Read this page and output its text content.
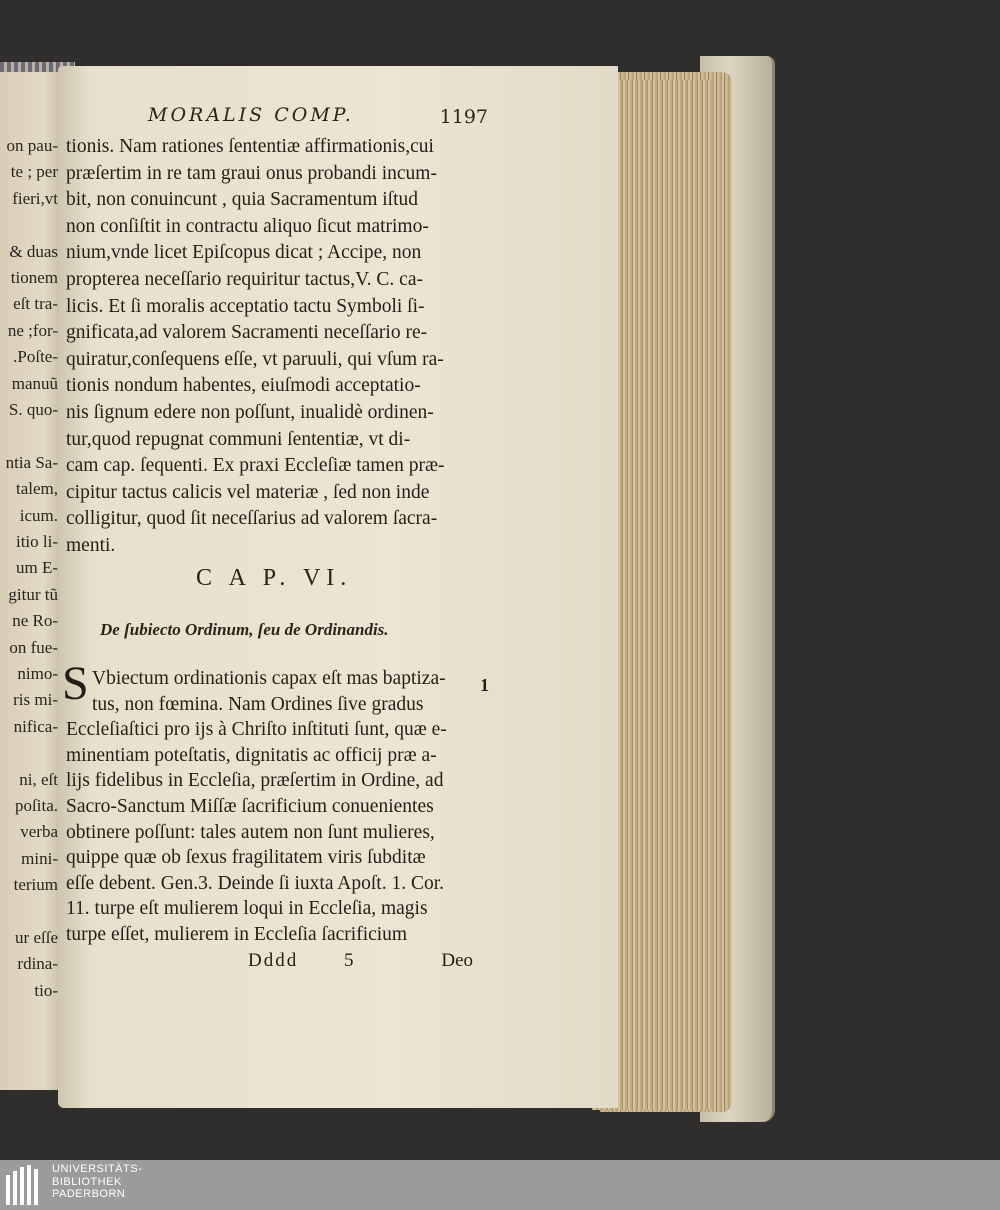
on pau-
te ; per
fieri,vt
& duas
tionem
eſt tra-
ne ;for-
.Poſte-
manuũ
S. quo-
ntia Sa-
talem,
icum.
itio li-
um E-
gitur tũ
ne Ro-
on fue-
nimo-
ris mi-
nifica-
ni, eſt
poſita.
verba
mini-
terium
ur eſſe
rdina-
tio-
MORALIS COMP.	1197
tionis. Nam rationes ſententiæ affirmationis,cui
præſertim in re tam graui onus probandi incum-
bit, non conuincunt , quia Sacramentum iſtud
non conſiſtit in contractu aliquo ſicut matrimo-
nium,vnde licet Epiſcopus dicat ; Accipe, non
propterea neceſſario requiritur tactus,V. C. ca-
licis. Et ſi moralis acceptatio tactu Symboli ſi-
gnificata,ad valorem Sacramenti neceſſario re-
quiratur,conſequens eſſe, vt paruuli, qui vſum ra-
tionis nondum habentes, eiuſmodi acceptatio-
nis ſignum edere non poſſunt, inualidè ordinen-
tur,quod repugnat communi ſententiæ, vt di-
cam cap. ſequenti. Ex praxi Eccleſiæ tamen præ-
cipitur tactus calicis vel materiæ , ſed non inde
colligitur, quod ſit neceſſarius ad valorem ſacra-
menti.
C A P. VI.
De ſubiecto Ordinum, ſeu de Ordinandis.
S	1
Vbiectum ordinationis capax eſt mas baptiza-
tus, non fœmina. Nam Ordines ſive gradus
Eccleſiaſtici pro ijs à Chriſto inſtituti ſunt, quæ e-
minentiam poteſtatis, dignitatis ac officij præ a-
lijs fidelibus in Eccleſia, præſertim in Ordine, ad
Sacro-Sanctum Miſſæ ſacrificium conuenientes
obtinere poſſunt: tales autem non ſunt mulieres,
quippe quæ ob ſexus fragilitatem viris ſubditæ
eſſe debent. Gen.3. Deinde ſi iuxta Apoſt. 1. Cor.
11. turpe eſt mulierem loqui in Eccleſia, magis
turpe eſſet, mulierem in Eccleſia ſacrificium
Dddd 5	Deo
UNIVERSITÄTS-
BIBLIOTHEK
PADERBORN
